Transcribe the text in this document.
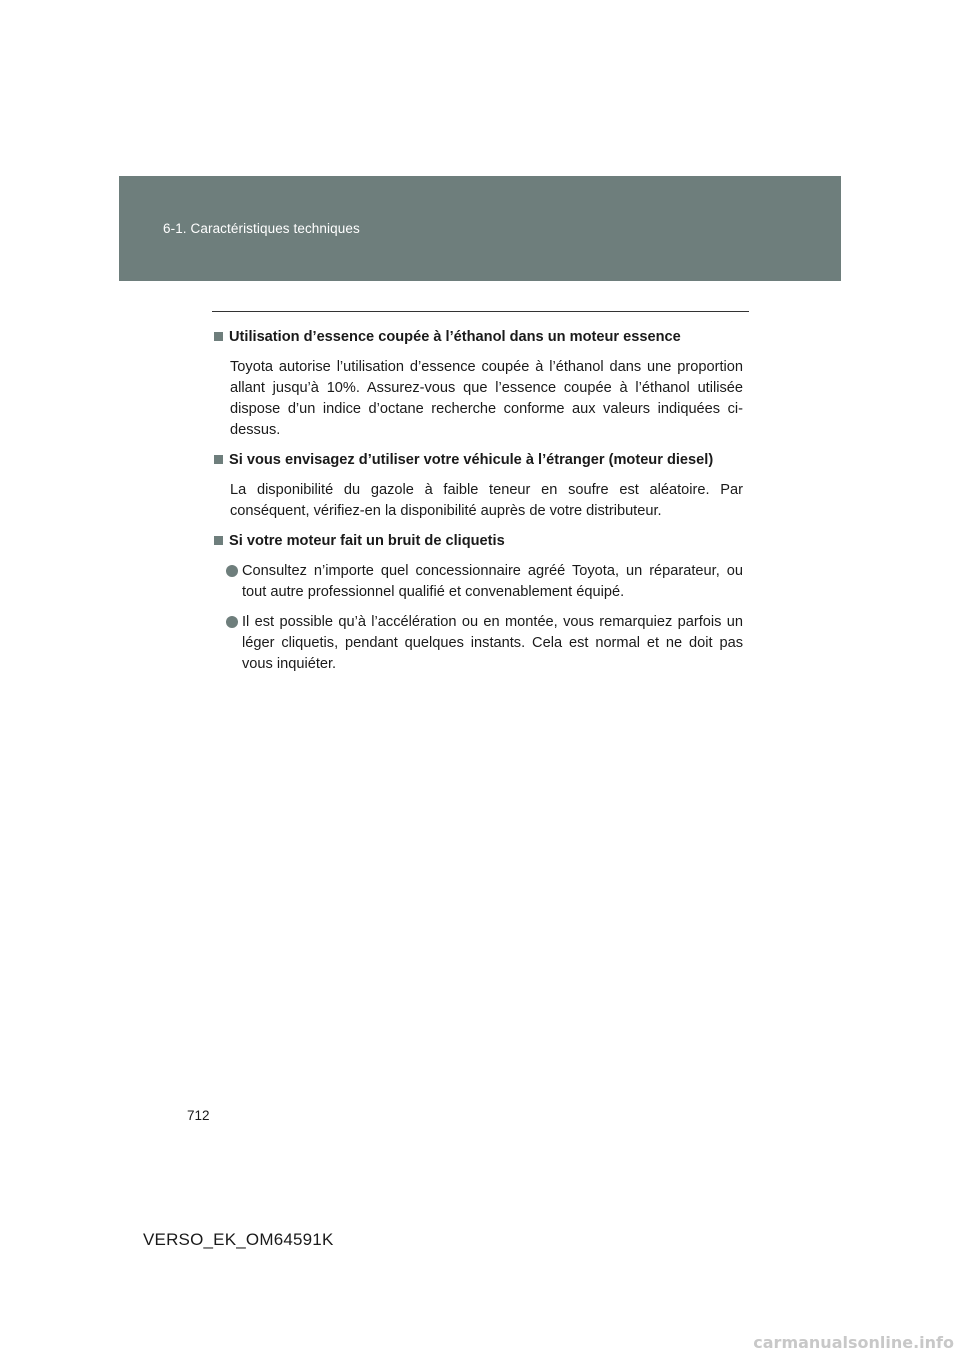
6-1. Caractéristiques techniques
Utilisation d’essence coupée à l’éthanol dans un moteur essence
Toyota autorise l’utilisation d’essence coupée à l’éthanol dans une proportion allant jusqu’à 10%. Assurez-vous que l’essence coupée à l’éthanol utilisée dispose d’un indice d’octane recherche conforme aux valeurs indiquées ci-dessus.
Si vous envisagez d’utiliser votre véhicule à l’étranger (moteur diesel)
La disponibilité du gazole à faible teneur en soufre est aléatoire. Par conséquent, vérifiez-en la disponibilité auprès de votre distributeur.
Si votre moteur fait un bruit de cliquetis
Consultez n’importe quel concessionnaire agréé Toyota, un réparateur, ou tout autre professionnel qualifié et convenablement équipé.
Il est possible qu’à l’accélération ou en montée, vous remarquiez parfois un léger cliquetis, pendant quelques instants. Cela est normal et ne doit pas vous inquiéter.
712
VERSO_EK_OM64591K
carmanualsonline.info
